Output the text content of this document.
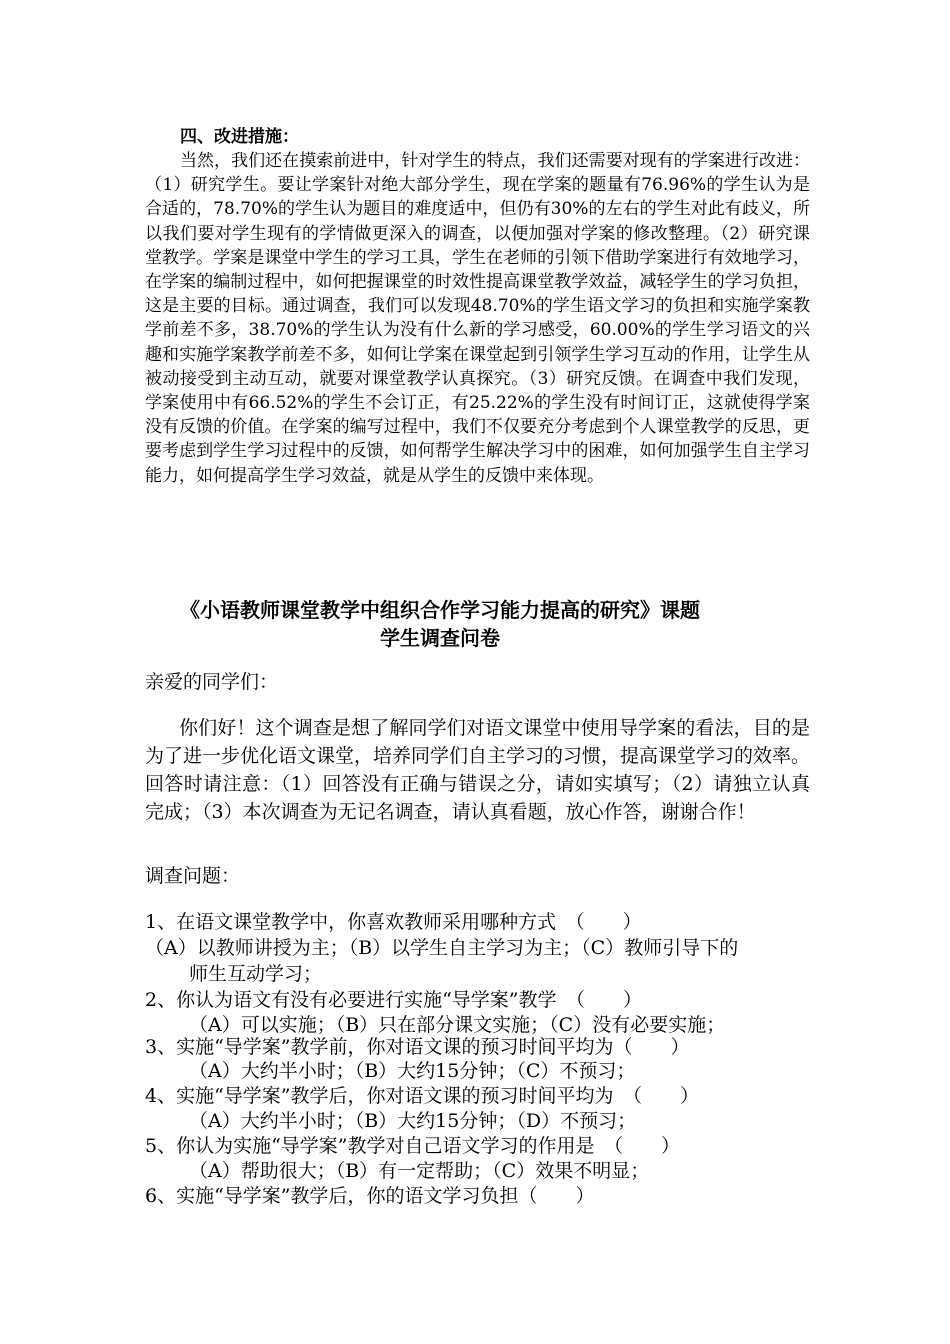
四、改进措施：

当然，我们还在摸索前进中，针对学生的特点，我们还需要对现有的学案进行改进：（1）研究学生。要让学案针对绝大部分学生，现在学案的题量有76.96%的学生认为是合适的，78.70%的学生认为题目的难度适中，但仍有30%的左右的学生对此有歧义，所以我们要对学生现有的学情做更深入的调查，以便加强对学案的修改整理。（2）研究课堂教学。学案是课堂中学生的学习工具，学生在老师的引领下借助学案进行有效地学习，在学案的编制过程中，如何把握课堂的时效性提高课堂教学效益，减轻学生的学习负担，这是主要的目标。通过调查，我们可以发现48.70%的学生语文学习的负担和实施学案教学前差不多，38.70%的学生认为没有什么新的学习感受，60.00%的学生学习语文的兴趣和实施学案教学前差不多，如何让学案在课堂起到引领学生学习互动的作用，让学生从被动接受到主动互动，就要对课堂教学认真探究。（3）研究反馈。在调查中我们发现，学案使用中有66.52%的学生不会订正，有25.22%的学生没有时间订正，这就使得学案没有反馈的价值。在学案的编写过程中，我们不仅要充分考虑到个人课堂教学的反思，更要考虑到学生学习过程中的反馈，如何帮学生解决学习中的困难，如何加强学生自主学习能力，如何提高学生学习效益，就是从学生的反馈中来体现。

《小语教师课堂教学中组织合作学习能力提高的研究》课题
学生调查问卷
亲爱的同学们：

你们好！这个调查是想了解同学们对语文课堂中使用导学案的看法，目的是为了进一步优化语文课堂，培养同学们自主学习的习惯，提高课堂学习的效率。回答时请注意：（1）回答没有正确与错误之分，请如实填写；（2）请独立认真完成；（3）本次调查为无记名调查，请认真看题，放心作答，谢谢合作！

调查问题：

1、在语文课堂教学中，你喜欢教师采用哪种方式　（　　）

（A）以教师讲授为主；（B）以学生自主学习为主；（C）教师引导下的

师生互动学习；

2、你认为语文有没有必要进行实施“导学案”教学　（　　）

（A）可以实施；（B）只在部分课文实施；（C）没有必要实施；

3、实施“导学案”教学前，你对语文课的预习时间平均为（　　）

（A）大约半小时；（B）大约15分钟；（C）不预习；

4、实施“导学案”教学后，你对语文课的预习时间平均为　（　　）

（A）大约半小时；（B）大约15分钟；（D）不预习；

5、你认为实施“导学案”教学对自己语文学习的作用是　（　　）

（A）帮助很大；（B）有一定帮助；（C）效果不明显；

6、实施“导学案”教学后，你的语文学习负担（　　）
